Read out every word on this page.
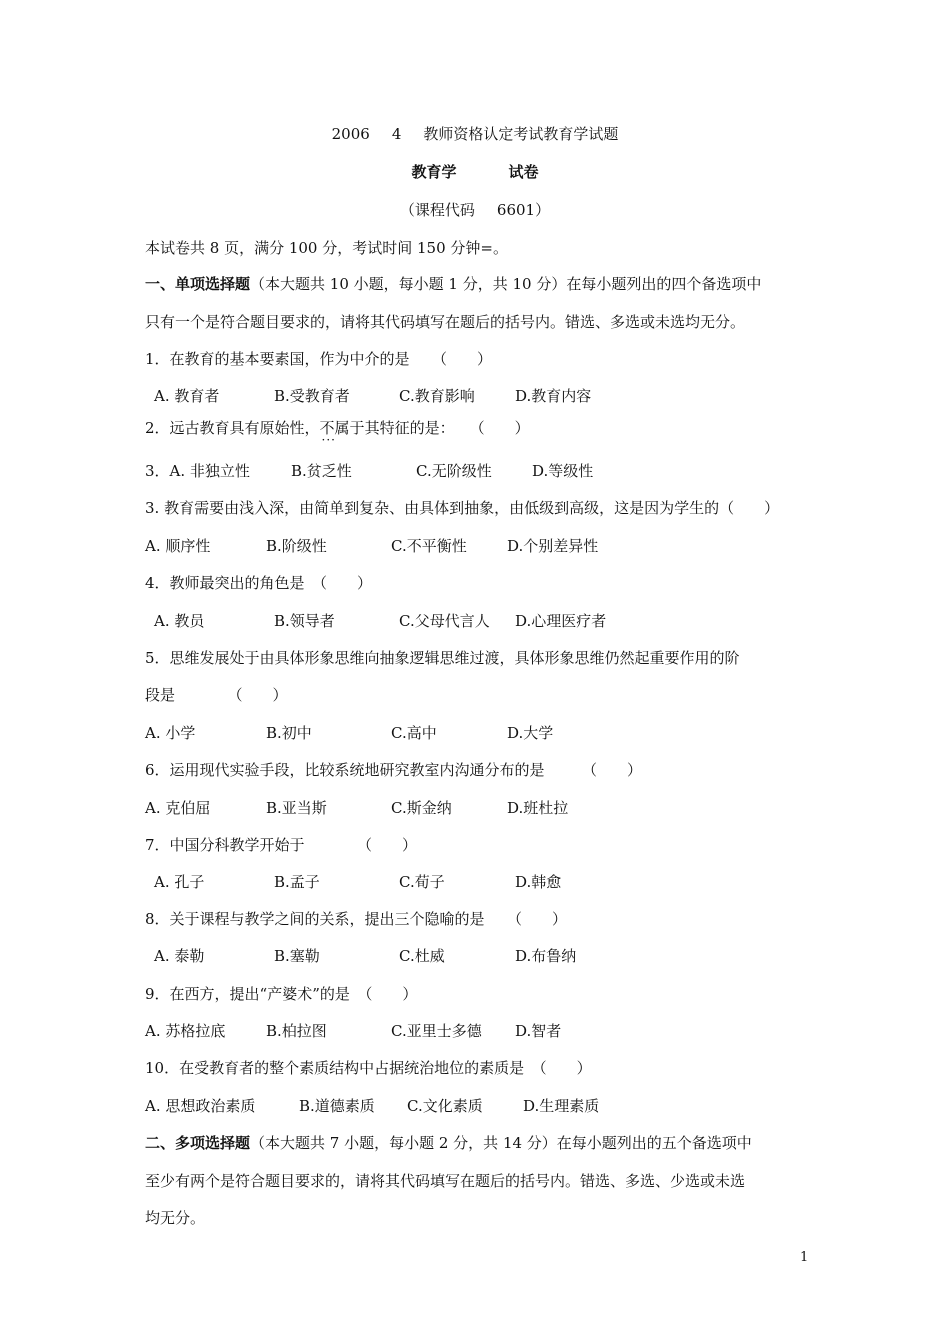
2006 4 教师资格认定考试教育学试题
教育学	试卷
（课程代码 6601）
本试卷共 8 页，满分 100 分，考试时间 150 分钟=。
一、单项选择题（本大题共 10 小题，每小题 1 分，共 10 分）在每小题列出的四个备选项中
只有一个是符合题目要求的，请将其代码填写在题后的括号内。错选、多选或未选均无分。
1．在教育的基本要素国，作为中介的是　　（　　）
A. 教育者	B.受教育者	C.教育影响	D.教育内容
2．远古教育具有原始性，不属于 ···其特征的是：　　（　　）
3．A. 非独立性	B.贫乏性	C.无阶级性	D.等级性
3. 教育需要由浅入深，由简单到复杂、由具体到抽象，由低级到高级，这是因为学生的（　　）
A. 顺序性	B.阶级性	C.不平衡性	D.个别差异性
4．教师最突出的角色是　（　　）
A. 教员	B.领导者	C.父母代言人 D.心理医疗者
5．思维发展处于由具体形象思维向抽象逻辑思维过渡，具体形象思维仍然起重要作用的阶
段是　　　　（　　）
A. 小学	B.初中	C.高中	D.大学
6．运用现代实验手段，比较系统地研究教室内沟通分布的是　　　（　　）
A. 克伯屈	B.亚当斯	C.斯金纳	D.班杜拉
7．中国分科教学开始于　　　　（　　）
A. 孔子	B.孟子	C.荀子	D.韩愈
8．关于课程与教学之间的关系，提出三个隐喻的是　　（　　）
A. 泰勒	B.塞勒	C.杜威	D.布鲁纳
9．在西方，提出“产婆术”的是　（　　）
A. 苏格拉底	B.柏拉图	C.亚里士多德 D.智者
10．在受教育者的整个素质结构中占据统治地位的素质是　（　　）
A. 思想政治素质	B.道德素质 C.文化素质	D.生理素质
二、多项选择题（本大题共 7 小题，每小题 2 分，共 14 分）在每小题列出的五个备选项中
至少有两个是符合题目要求的，请将其代码填写在题后的括号内。错选、多选、少选或未选
均无分。
1
